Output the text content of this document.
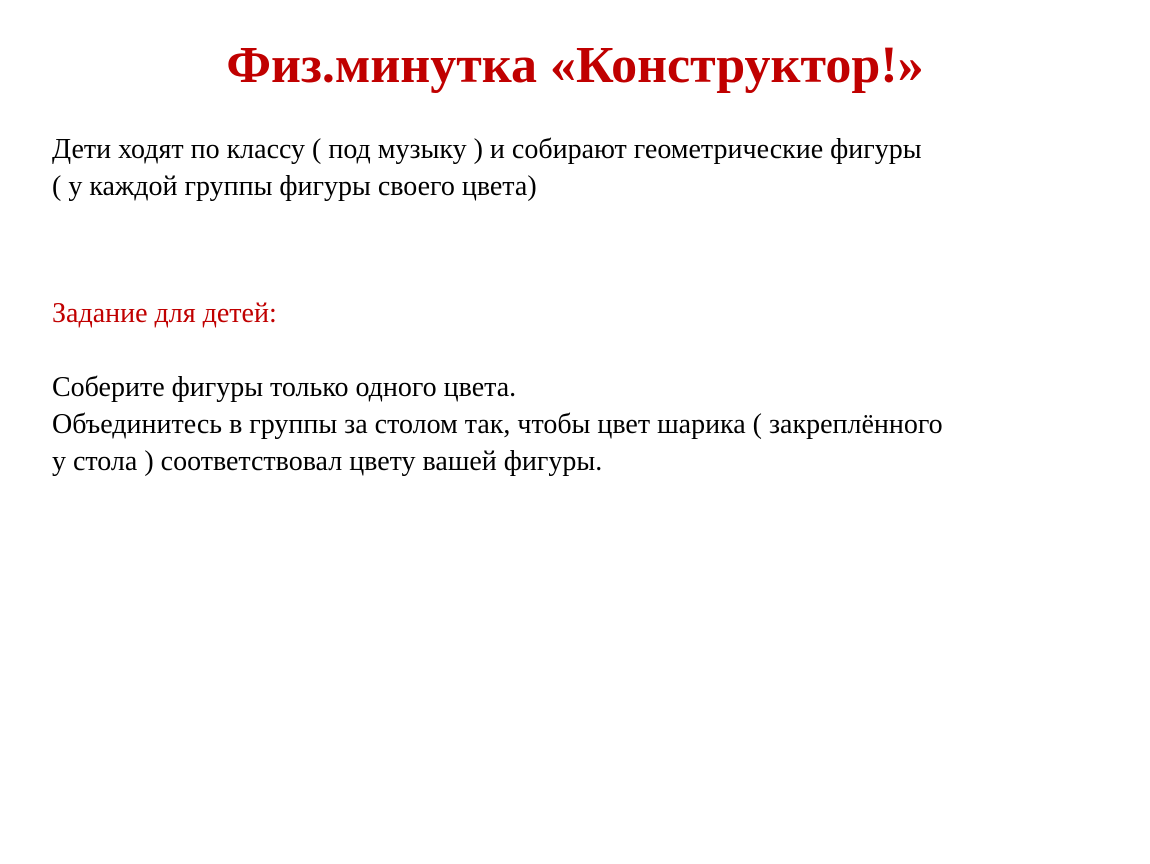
Физ.минутка «Конструктор!»
Дети ходят по классу ( под музыку ) и собирают геометрические фигуры
( у каждой группы фигуры своего цвета)
Задание для детей:
Соберите фигуры только одного цвета.
Объединитесь в группы за столом так, чтобы цвет шарика ( закреплённого
у стола ) соответствовал цвету вашей фигуры.
